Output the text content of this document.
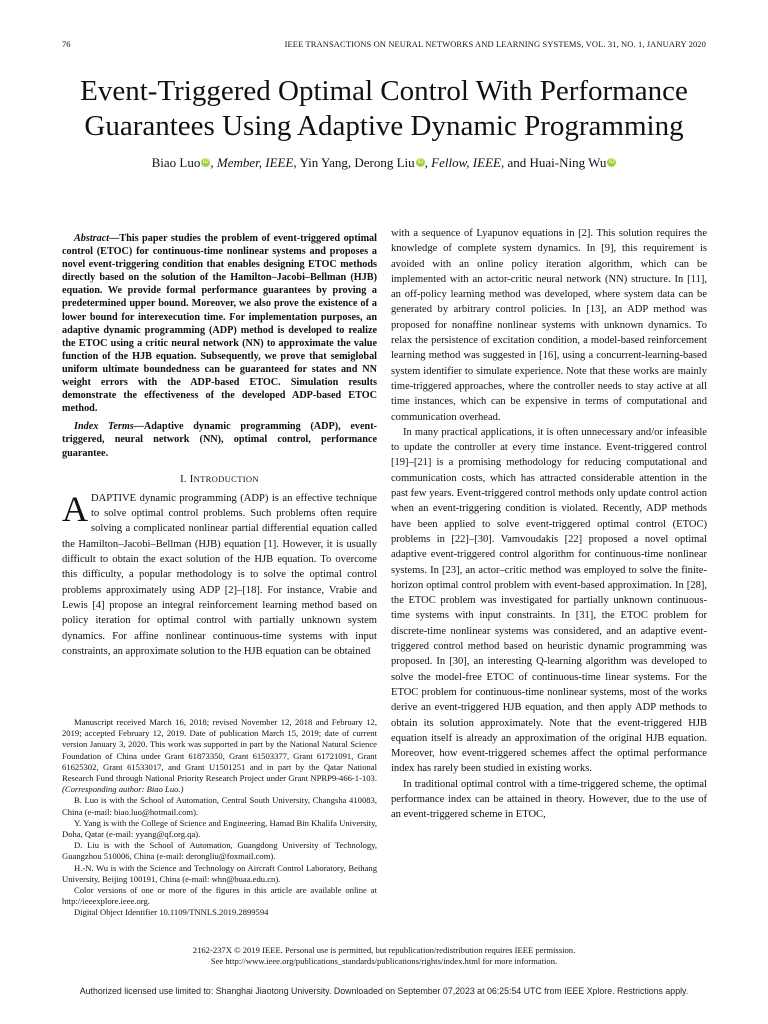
76	IEEE TRANSACTIONS ON NEURAL NETWORKS AND LEARNING SYSTEMS, VOL. 31, NO. 1, JANUARY 2020
Event-Triggered Optimal Control With Performance
Guarantees Using Adaptive Dynamic Programming
Biao Luo iD , Member, IEEE, Yin Yang, Derong Liu iD , Fellow, IEEE, and Huai-Ning Wu iD

Abstract—This paper studies the problem of event-triggered optimal control (ETOC) for continuous-time nonlinear systems and proposes a novel event-triggering condition that enables designing ETOC methods directly based on the solution of the Hamilton–Jacobi–Bellman (HJB) equation. We provide formal performance guarantees by proving a predetermined upper bound. Moreover, we also prove the existence of a lower bound for interexecution time. For implementation purposes, an adaptive dynamic programming (ADP) method is developed to realize the ETOC using a critic neural network (NN) to approximate the value function of the HJB equation. Subsequently, we prove that semiglobal uniform ultimate boundedness can be guaranteed for states and NN weight errors with the ADP-based ETOC. Simulation results demonstrate the effectiveness of the developed ADP-based ETOC method.

Index Terms—Adaptive dynamic programming (ADP), event-triggered, neural network (NN), optimal control, performance guarantee.

I. INTRODUCTION

ADAPTIVE dynamic programming (ADP) is an effective technique to solve optimal control problems. Such problems often require solving a complicated nonlinear partial differential equation called the Hamilton–Jacobi–Bellman (HJB) equation [1]. However, it is usually difficult to obtain the exact solution of the HJB equation. To overcome this difficulty, a popular methodology is to solve the optimal control problems approximately using ADP [2]–[18]. For instance, Vrabie and Lewis [4] propose an integral reinforcement learning method based on policy iteration for optimal control with partially unknown system dynamics. For affine nonlinear continuous-time systems with input constraints, an approximate solution to the HJB equation can be obtained

Manuscript received March 16, 2018; revised November 12, 2018 and February 12, 2019; accepted February 12, 2019. Date of publication March 15, 2019; date of current version January 3, 2020. This work was supported in part by the National Natural Science Foundation of China under Grant 61873350, Grant 61503377, Grant 61721091, Grant 61625302, Grant 61533017, and Grant U1501251 and in part by the Qatar National Research Fund through National Priority Research Project under Grant NPRP9-466-1-103. (Corresponding author: Biao Luo.)

B. Luo is with the School of Automation, Central South University, Changsha 410083, China (e-mail: biao.luo@hotmail.com).

Y. Yang is with the College of Science and Engineering, Hamad Bin Khalifa University, Doha, Qatar (e-mail: yyang@qf.org.qa).

D. Liu is with the School of Automation, Guangdong University of Technology, Guangzhou 510006, China (e-mail: derongliu@foxmail.com).

H.-N. Wu is with the Science and Technology on Aircraft Control Laboratory, Beihang University, Beijing 100191, China (e-mail: whn@buaa.edu.cn).

Color versions of one or more of the figures in this article are available online at http://ieeexplore.ieee.org.

Digital Object Identifier 10.1109/TNNLS.2019.2899594

with a sequence of Lyapunov equations in [2]. This solution requires the knowledge of complete system dynamics. In [9], this requirement is avoided with an online policy iteration algorithm, which can be implemented with an actor-critic neural network (NN) structure. In [11], an off-policy learning method was developed, where system data can be generated by arbitrary control policies. In [13], an ADP method was proposed for nonaffine nonlinear systems with unknown dynamics. To relax the persistence of excitation condition, a model-based reinforcement learning method was suggested in [16], using a concurrent-learning-based system identifier to simulate experience. Note that these works are mainly time-triggered approaches, where the controller needs to stay active at all time instances, which can be expensive in terms of computational and communication overhead.

In many practical applications, it is often unnecessary and/or infeasible to update the controller at every time instance. Event-triggered control [19]–[21] is a promising methodology for reducing computational and communication costs, which has attracted considerable attention in the past few years. Event-triggered control methods only update control action when an event-triggering condition is violated. Recently, ADP methods have been applied to solve event-triggered optimal control (ETOC) problems in [22]–[30]. Vamvoudakis [22] proposed a novel optimal adaptive event-triggered control algorithm for continuous-time nonlinear systems. In [23], an actor–critic method was employed to solve the finite-horizon optimal control problem with event-based approximation. In [28], the ETOC problem was investigated for partially unknown continuous-time systems with input constraints. In [31], the ETOC problem for discrete-time nonlinear systems was considered, and an adaptive event-triggered control method based on heuristic dynamic programming was proposed. In [30], an interesting Q-learning algorithm was developed to solve the model-free ETOC of continuous-time linear systems. For the ETOC problem for continuous-time nonlinear systems, most of the works derive an event-triggered HJB equation, and then apply ADP methods to obtain its solution approximately. Note that the event-triggered HJB equation itself is already an approximation of the original HJB equation. Moreover, how event-triggered schemes affect the optimal performance index has rarely been studied in existing works.

In traditional optimal control with a time-triggered scheme, the optimal performance index can be attained in theory. However, due to the use of an event-triggered scheme in ETOC,

2162-237X © 2019 IEEE. Personal use is permitted, but republication/redistribution requires IEEE permission.
See http://www.ieee.org/publications_standards/publications/rights/index.html for more information.
Authorized licensed use limited to: Shanghai Jiaotong University. Downloaded on September 07,2023 at 06:25:54 UTC from IEEE Xplore. Restrictions apply.
